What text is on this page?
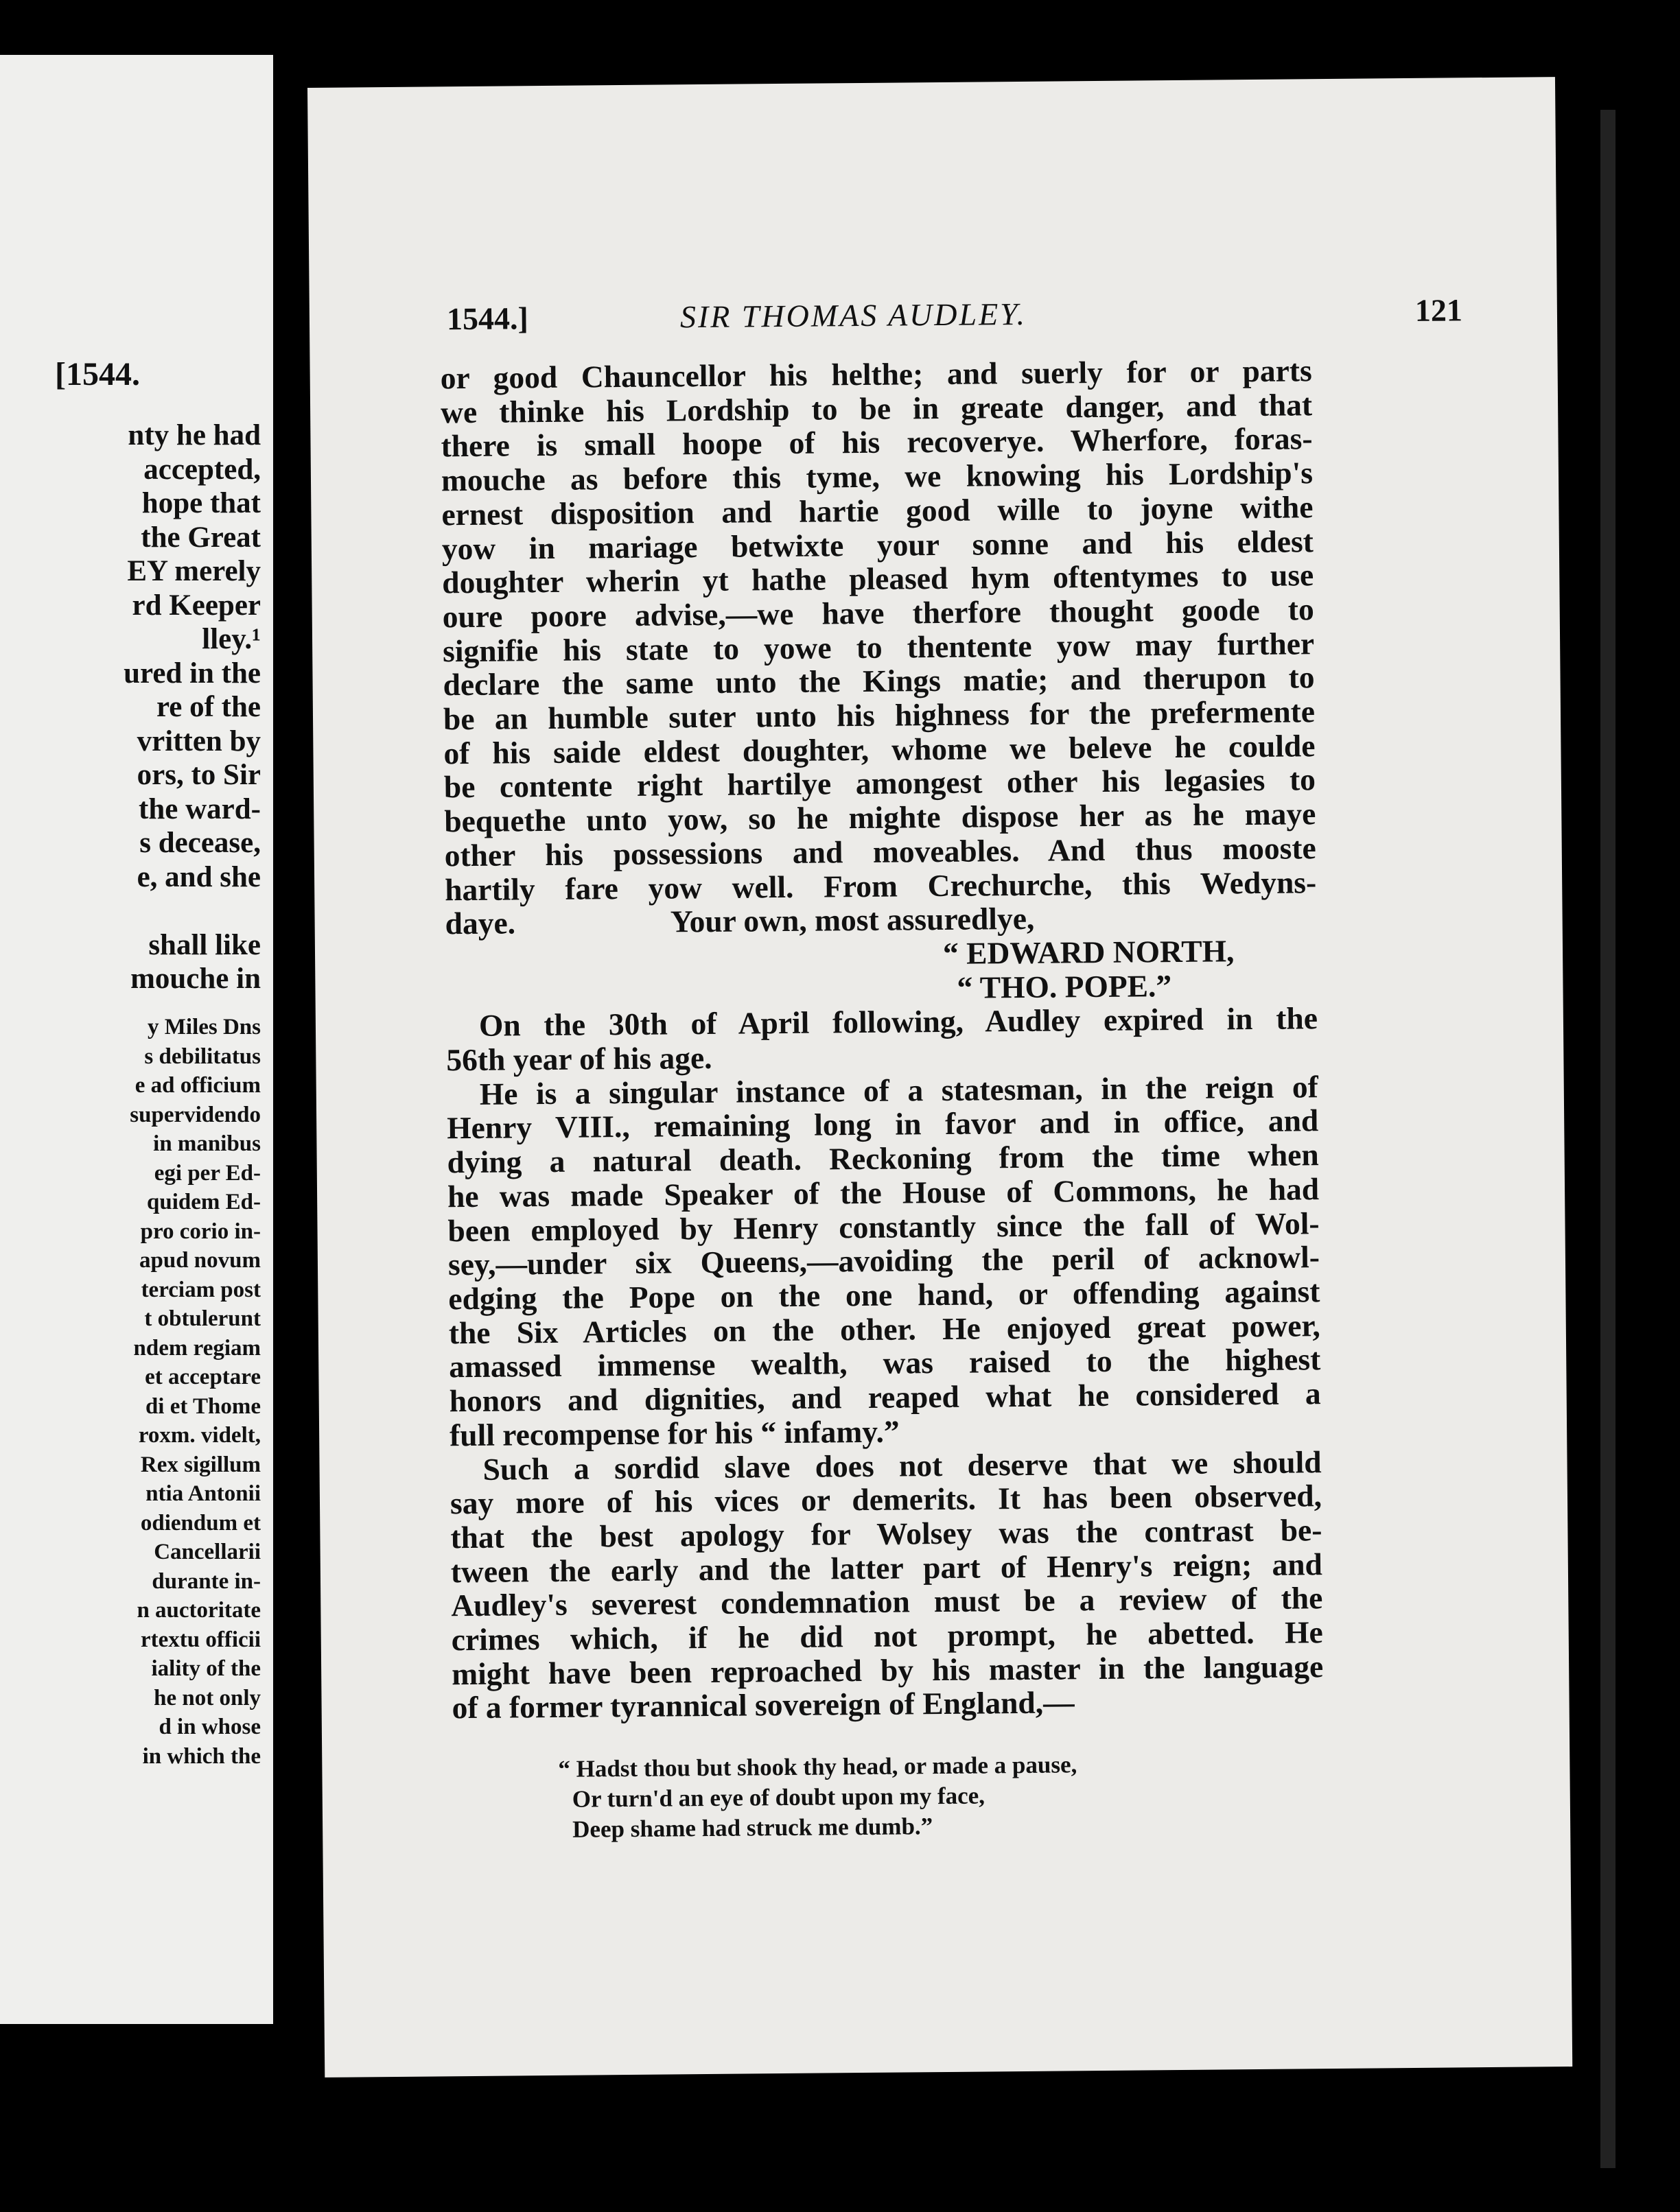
[1544.
nty he had
accepted,
hope that
the Great
EY merely
rd Keeper
lley.¹
ured in the
re of the
vritten by
ors, to Sir
the ward-
s decease,
e, and she

shall like
mouche in
y Miles Dns
s debilitatus
e ad officium
supervidendo
in manibus
egi per Ed-
quidem Ed-
pro corio in-
apud novum
terciam post
t obtulerunt
ndem regiam
et acceptare
di et Thome
roxm. videlt,
Rex sigillum
ntia Antonii
odiendum et
Cancellarii
durante in-
n auctoritate
rtextu officii
iality of the
he not only
d in whose
in which the
1544.]	SIR THOMAS AUDLEY.	121
or good Chauncellor his helthe; and suerly for or parts
we thinke his Lordship to be in greate danger, and that
there is small hoope of his recoverye. Wherfore, foras-
mouche as before this tyme, we knowing his Lordship's
ernest disposition and hartie good wille to joyne withe
yow in mariage betwixte your sonne and his eldest
doughter wherin yt hathe pleased hym oftentymes to use
oure poore advise,—we have therfore thought goode to
signifie his state to yowe to thentente yow may further
declare the same unto the Kings matie; and therupon to
be an humble suter unto his highness for the prefermente
of his saide eldest doughter, whome we beleve he coulde
be contente right hartilye amongest other his legasies to
bequethe unto yow, so he mighte dispose her as he maye
other his possessions and moveables. And thus mooste
hartily fare yow well. From Crechurche, this Wedyns-
daye.                    Your own, most assuredlye,
“ EDWARD NORTH,
“ THO. POPE.”
On the 30th of April following, Audley expired in the
56th year of his age.
He is a singular instance of a statesman, in the reign of
Henry VIII., remaining long in favor and in office, and
dying a natural death. Reckoning from the time when
he was made Speaker of the House of Commons, he had
been employed by Henry constantly since the fall of Wol-
sey,—under six Queens,—avoiding the peril of acknowl-
edging the Pope on the one hand, or offending against
the Six Articles on the other. He enjoyed great power,
amassed immense wealth, was raised to the highest
honors and dignities, and reaped what he considered a
full recompense for his “ infamy.”
Such a sordid slave does not deserve that we should
say more of his vices or demerits. It has been observed,
that the best apology for Wolsey was the contrast be-
tween the early and the latter part of Henry's reign; and
Audley's severest condemnation must be a review of the
crimes which, if he did not prompt, he abetted. He
might have been reproached by his master in the language
of a former tyrannical sovereign of England,—
“ Hadst thou but shook thy head, or made a pause,
Or turn'd an eye of doubt upon my face,
Deep shame had struck me dumb.”
